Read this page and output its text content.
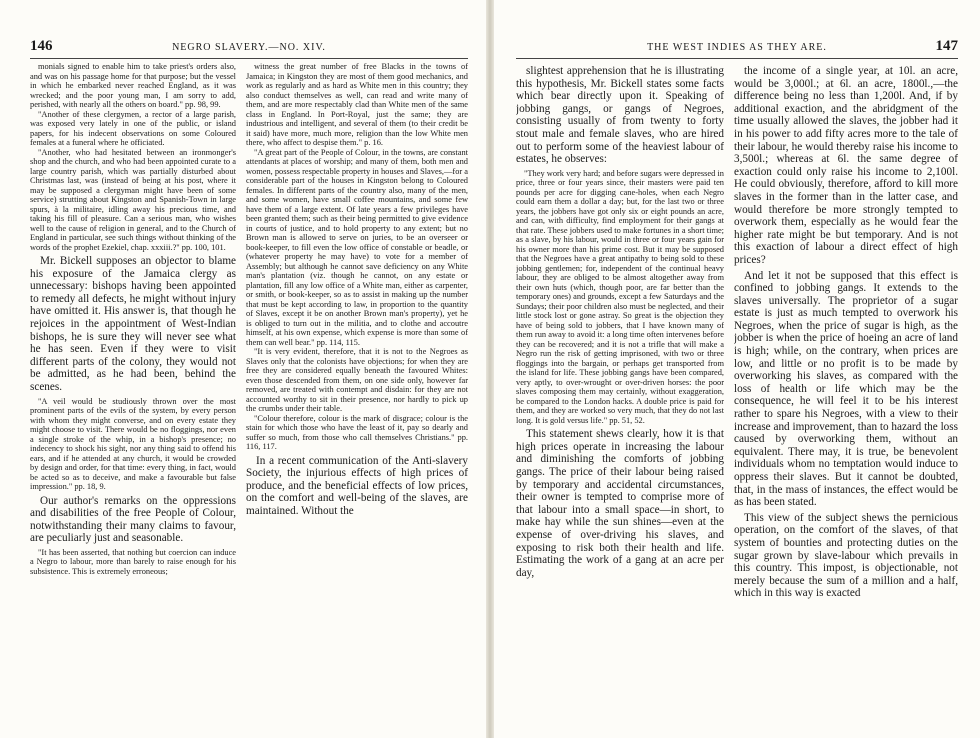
146	NEGRO SLAVERY.—NO. XIV.

monials signed to enable him to take priest's orders also, and was on his passage home for that purpose; but the vessel in which he embarked never reached England, as it was wrecked; and the poor young man, I am sorry to add, perished, with nearly all the others on board." pp. 98, 99.

"Another of these clergymen, a rector of a large parish, was exposed very lately in one of the public, or island papers, for his indecent observations on some Coloured females at a funeral where he officiated.

"Another, who had hesitated between an ironmonger's shop and the church, and who had been appointed curate to a large country parish, which was partially disturbed about Christmas last, was (instead of being at his post, where it may be supposed a clergyman might have been of some service) strutting about Kingston and Spanish-Town in large spurs, à la militaire, idling away his precious time, and taking his fill of pleasure. Can a serious man, who wishes well to the cause of religion in general, and to the Church of England in particular, see such things without thinking of the words of the prophet Ezekiel, chap. xxxiii.?" pp. 100, 101.

Mr. Bickell supposes an objector to blame his exposure of the Jamaica clergy as unnecessary: bishops having been appointed to remedy all defects, he might without injury have omitted it. His answer is, that though he rejoices in the appointment of West-Indian bishops, he is sure they will never see what he has seen. Even if they were to visit different parts of the colony, they would not be admitted, as he had been, behind the scenes.

"A veil would be studiously thrown over the most prominent parts of the evils of the system, by every person with whom they might converse, and on every estate they might choose to visit. There would be no floggings, nor even a single stroke of the whip, in a bishop's presence; no indecency to shock his sight, nor any thing said to offend his ears, and if he attended at any church, it would be crowded by design and order, for that time: every thing, in fact, would be acted so as to deceive, and make a favourable but false impression." pp. 18, 9.

Our author's remarks on the oppressions and disabilities of the free People of Colour, notwithstanding their many claims to favour, are peculiarly just and seasonable.

"It has been asserted, that nothing but coercion can induce a Negro to labour, more than barely to raise enough for his subsistence. This is extremely erroneous;

witness the great number of free Blacks in the towns of Jamaica; in Kingston they are most of them good mechanics, and work as regularly and as hard as White men in this country; they also conduct themselves as well, can read and write many of them, and are more respectably clad than White men of the same class in England. In Port-Royal, just the same; they are industrious and intelligent, and several of them (to their credit be it said) have more, much more, religion than the low White men there, who affect to despise them." p. 16.

"A great part of the People of Colour, in the towns, are constant attendants at places of worship; and many of them, both men and women, possess respectable property in houses and Slaves,—for a considerable part of the houses in Kingston belong to Coloured females. In different parts of the country also, many of the men, and some women, have small coffee mountains, and some few have them of a large extent. Of late years a few privileges have been granted them; such as their being permitted to give evidence in courts of justice, and to hold property to any extent; but no Brown man is allowed to serve on juries, to be an overseer or book-keeper, to fill even the low office of constable or beadle, or (whatever property he may have) to vote for a member of Assembly; but although he cannot save deficiency on any White man's plantation (viz. though he cannot, on any estate or plantation, fill any low office of a White man, either as carpenter, or smith, or book-keeper, so as to assist in making up the number that must be kept according to law, in proportion to the quantity of Slaves, except it be on another Brown man's property), yet he is obliged to turn out in the militia, and to clothe and accoutre himself, at his own expense, which expense is more than some of them can well bear." pp. 114, 115.

"It is very evident, therefore, that it is not to the Negroes as Slaves only that the colonists have objections; for when they are free they are considered equally beneath the favoured Whites: even those descended from them, on one side only, however far removed, are treated with contempt and disdain: for they are not accounted worthy to sit in their presence, nor hardly to pick up the crumbs under their table.

"Colour therefore, colour is the mark of disgrace; colour is the stain for which those who have the least of it, pay so dearly and suffer so much, from those who call themselves Christians." pp. 116, 117.

In a recent communication of the Anti-slavery Society, the injurious effects of high prices of produce, and the beneficial effects of low prices, on the comfort and well-being of the slaves, are maintained. Without the

THE WEST INDIES AS THEY ARE.	147

slightest apprehension that he is illustrating this hypothesis, Mr. Bickell states some facts which bear directly upon it. Speaking of jobbing gangs, or gangs of Negroes, consisting usually of from twenty to forty stout male and female slaves, who are hired out to perform some of the heaviest labour of estates, he observes:

"They work very hard; and before sugars were depressed in price, three or four years since, their masters were paid ten pounds per acre for digging cane-holes, when each Negro could earn them a dollar a day; but, for the last two or three years, the jobbers have got only six or eight pounds an acre, and can, with difficulty, find employment for their gangs at that rate. These jobbers used to make fortunes in a short time; as a slave, by his labour, would in three or four years gain for his owner more than his prime cost. But it may be supposed that the Negroes have a great antipathy to being sold to these jobbing gentlemen; for, independent of the continual heavy labour, they are obliged to be almost altogether away from their own huts (which, though poor, are far better than the temporary ones) and grounds, except a few Saturdays and the Sundays; their poor children also must be neglected, and their little stock lost or gone astray. So great is the objection they have of being sold to jobbers, that I have known many of them run away to avoid it: a long time often intervenes before they can be recovered; and it is not a trifle that will make a Negro run the risk of getting imprisoned, with two or three floggings into the bargain, or perhaps get transported from the island for life. These jobbing gangs have been compared, very aptly, to over-wrought or over-driven horses: the poor slaves composing them may certainly, without exaggeration, be compared to the London hacks. A double price is paid for them, and they are worked so very much, that they do not last long. It is gold versus life." pp. 51, 52.

This statement shews clearly, how it is that high prices operate in increasing the labour and diminishing the comforts of jobbing gangs. The price of their labour being raised by temporary and accidental circumstances, their owner is tempted to comprise more of that labour into a small space—in short, to make hay while the sun shines—even at the expense of over-driving his slaves, and exposing to risk both their health and life. Estimating the work of a gang at an acre per day,

the income of a single year, at 10l. an acre, would be 3,000l.; at 6l. an acre, 1800l.,—the difference being no less than 1,200l. And, if by additional exaction, and the abridgment of the time usually allowed the slaves, the jobber had it in his power to add fifty acres more to the tale of their labour, he would thereby raise his income to 3,500l.; whereas at 6l. the same degree of exaction could only raise his income to 2,100l. He could obviously, therefore, afford to kill more slaves in the former than in the latter case, and would therefore be more strongly tempted to overwork them, especially as he would fear the higher rate might be but temporary. And is not this exaction of labour a direct effect of high prices?

And let it not be supposed that this effect is confined to jobbing gangs. It extends to the slaves universally. The proprietor of a sugar estate is just as much tempted to overwork his Negroes, when the price of sugar is high, as the jobber is when the price of hoeing an acre of land is high; while, on the contrary, when prices are low, and little or no profit is to be made by overworking his slaves, as compared with the loss of health or life which may be the consequence, he will feel it to be his interest rather to spare his Negroes, with a view to their increase and improvement, than to hazard the loss caused by overworking them, without an equivalent. There may, it is true, be benevolent individuals whom no temptation would induce to oppress their slaves. But it cannot be doubted, that, in the mass of instances, the effect would be as has been stated.

This view of the subject shews the pernicious operation, on the comfort of the slaves, of that system of bounties and protecting duties on the sugar grown by slave-labour which prevails in this country. This impost, is objectionable, not merely because the sum of a million and a half, which in this way is exacted
